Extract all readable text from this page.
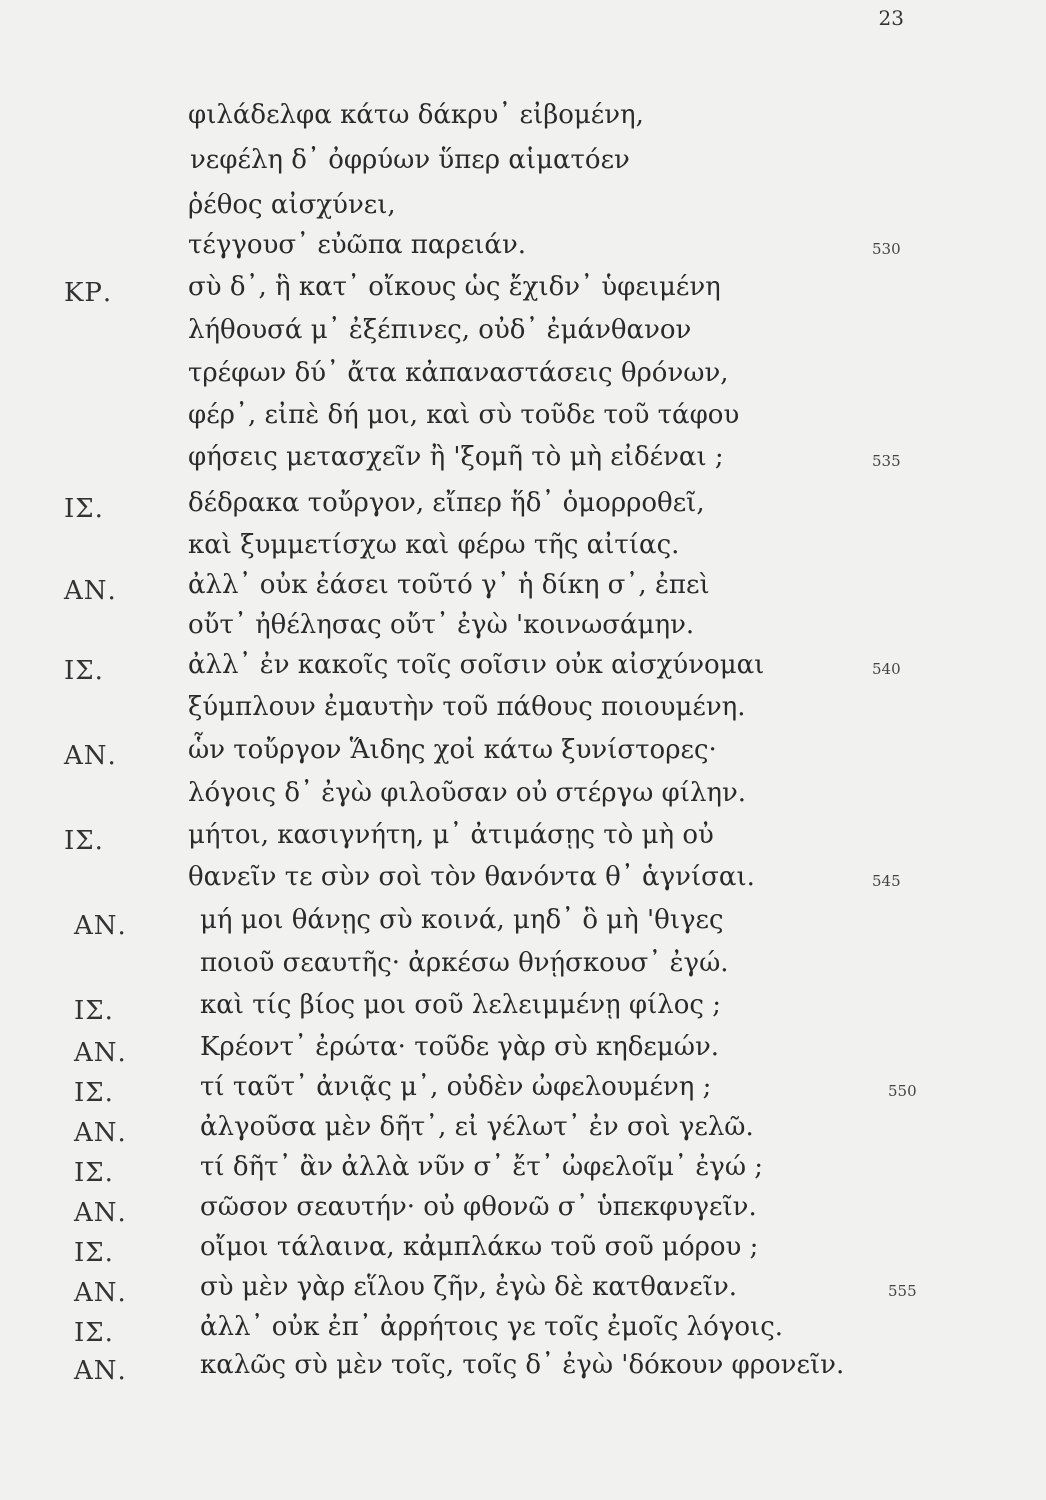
23
φιλάδελφα κάτω δάκρυ᾽ εἰβομένη,
νεφέλη δ᾽ ὀφρύων ὕπερ αἱματόεν
ῥέθος αἰσχύνει,
τέγγουσ᾽ εὐῶπα παρειάν.	530
ΚΡ.	σὺ δ᾽, ἣ κατ᾽ οἴκους ὡς ἔχιδν᾽ ὑφειμένη
λήθουσά μ᾽ ἐξέπινες, οὐδ᾽ ἐμάνθανον
τρέφων δύ᾽ ἄτα κἀπαναστάσεις θρόνων,
φέρ᾽, εἰπὲ δή μοι, καὶ σὺ τοῦδε τοῦ τάφου
φήσεις μετασχεῖν ἢ 'ξομῆ τὸ μὴ εἰδέναι ;	535
ΙΣ.	δέδρακα τοὔργον, εἴπερ ἥδ᾽ ὁμορροθεῖ,
καὶ ξυμμετίσχω καὶ φέρω τῆς αἰτίας.
ΑΝ.	ἀλλ᾽ οὐκ ἐάσει τοῦτό γ᾽ ἡ δίκη σ᾽, ἐπεὶ
οὔτ᾽ ἠθέλησας οὔτ᾽ ἐγὼ 'κοινωσάμην.
ΙΣ.	ἀλλ᾽ ἐν κακοῖς τοῖς σοῖσιν οὐκ αἰσχύνομαι	540
ξύμπλουν ἐμαυτὴν τοῦ πάθους ποιουμένη.
ΑΝ.	ὧν τοὔργον Ἅιδης χοἰ κάτω ξυνίστορες·
λόγοις δ᾽ ἐγὼ φιλοῦσαν οὐ στέργω φίλην.
ΙΣ.	μήτοι, κασιγνήτη, μ᾽ ἀτιμάσῃς τὸ μὴ οὐ
θανεῖν τε σὺν σοὶ τὸν θανόντα θ᾽ ἁγνίσαι.	545
ΑΝ.	μή μοι θάνῃς σὺ κοινά, μηδ᾽ ὃ μὴ 'θιγες
ποιοῦ σεαυτῆς· ἀρκέσω θνῄσκουσ᾽ ἐγώ.
ΙΣ.	καὶ τίς βίος μοι σοῦ λελειμμένῃ φίλος ;
ΑΝ.	Κρέοντ᾽ ἐρώτα· τοῦδε γὰρ σὺ κηδεμών.
ΙΣ.	τί ταῦτ᾽ ἀνιᾷς μ᾽, οὐδὲν ὠφελουμένη ;	550
ΑΝ.	ἀλγοῦσα μὲν δῆτ᾽, εἰ γέλωτ᾽ ἐν σοὶ γελῶ.
ΙΣ.	τί δῆτ᾽ ἂν ἀλλὰ νῦν σ᾽ ἔτ᾽ ὠφελοῖμ᾽ ἐγώ ;
ΑΝ.	σῶσον σεαυτήν· οὐ φθονῶ σ᾽ ὑπεκφυγεῖν.
ΙΣ.	οἴμοι τάλαινα, κἀμπλάκω τοῦ σοῦ μόρου ;
ΑΝ.	σὺ μὲν γὰρ εἵλου ζῆν, ἐγὼ δὲ κατθανεῖν.	555
ΙΣ.	ἀλλ᾽ οὐκ ἐπ᾽ ἀρρήτοις γε τοῖς ἐμοῖς λόγοις.
ΑΝ.	καλῶς σὺ μὲν τοῖς, τοῖς δ᾽ ἐγὼ 'δόκουν φρονεῖν.
